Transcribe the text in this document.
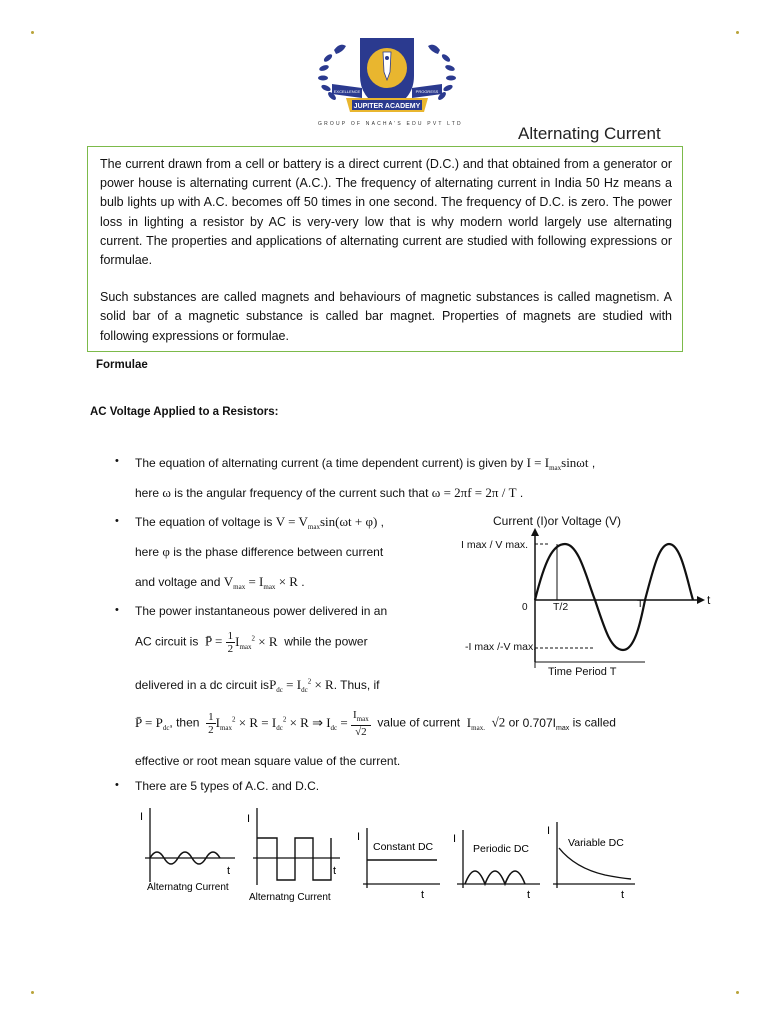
EXCELLENCE	PROGRESS
JUPITER ACADEMY
GROUP OF NACHA'S EDU PVT LTD	Alternating Current

The current drawn from a cell or battery is a direct current (D.C.) and that obtained from a generator or power house is alternating current (A.C.). The frequency of alternating current in India 50 Hz means a bulb lights up with A.C. becomes off 50 times in one second. The frequency of D.C. is zero. The power loss in lighting a resistor by AC is very-very low that is why modern world largely use alternating current. The properties and applications of alternating current are studied with following expressions or formulae.

Such substances are called magnets and behaviours of magnetic substances is called magnetism. A solid bar of a magnetic substance is called bar magnet. Properties of magnets are studied with following expressions or formulae.

Formulae
AC Voltage Applied to a Resistors:
• The equation of alternating current (a time dependent current) is given by $I = I_{max}\sin\omega t$ ,
here ω is the angular frequency of the current such that ω = 2πf = 2π / T .
• The equation of voltage is $V = V_{max}\sin(\omega t + \varphi)$ ,
here φ is the phase difference between current
and voltage and $V_{max} = I_{max} \times R$ .
• The power instantaneous power delivered in an
AC circuit is P̄ = $\frac{1}{2} I_{max}^2 \times R$ while the power
delivered in a dc circuit $isP_{dc} = I_{dc}^2 \times R$. Thus, if
P̄ = $P_{dc}$, then $\frac{1}{2} I_{max}^2 \times R = I_{dc}^2 \times R$ ⇒ $I_{dc} = \frac{I_{max}}{√2}$ value of current $I_{max.}$ √2 or $0.707I_{max}$ is called
effective or root mean square value of the current.
• There are 5 types of A.C. and D.C.
Current (I)or Voltage (V)
I max / V max.
-I max /-V max.
t
0 T/2	T
Time Period T
I
t
Alternatng Current
I
t
Alternatng Current
I
Constant DC
t
I
Periodic DC
t
I
Variable DC
t
